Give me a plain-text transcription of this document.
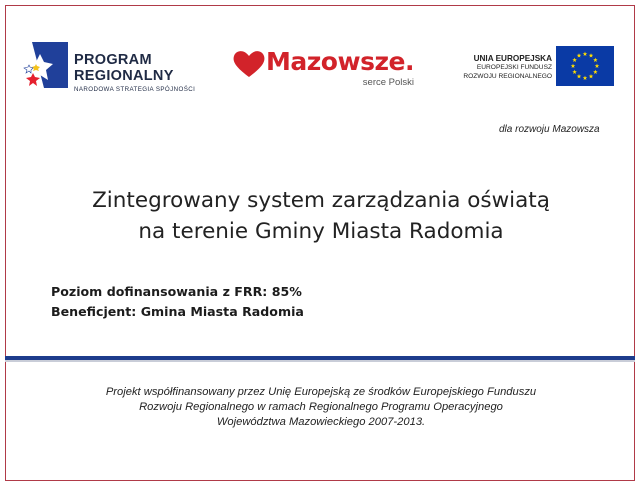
PROGRAM
REGIONALNY
NARODOWA STRATEGIA SPÓJNOŚCI
Mazowsze.
serce Polski
UNIA EUROPEJSKA
EUROPEJSKI FUNDUSZ
ROZWOJU REGIONALNEGO
dla rozwoju Mazowsza
Zintegrowany system zarządzania oświatą
na terenie Gminy Miasta Radomia
Poziom dofinansowania z FRR: 85%
Beneficjent: Gmina Miasta Radomia
Projekt współfinansowany przez Unię Europejską ze środków Europejskiego Funduszu
Rozwoju Regionalnego w ramach Regionalnego Programu Operacyjnego
Województwa Mazowieckiego 2007-2013.
